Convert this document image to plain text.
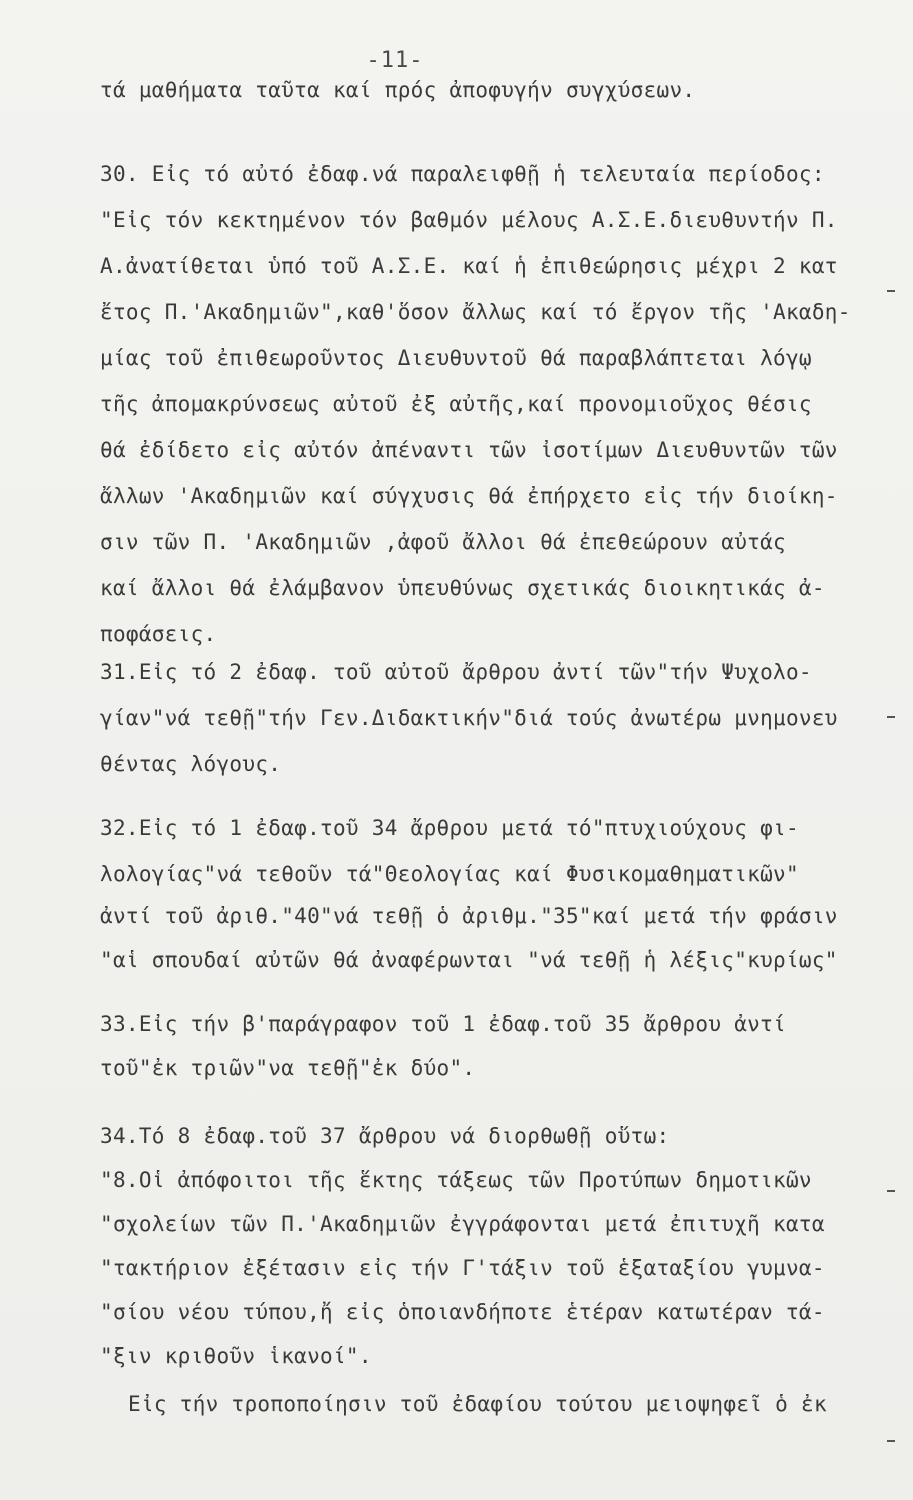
-11-
τά μαθήματα ταῦτα καί πρός ἀποφυγήν συγχύσεων.
30. Εἰς τό αὐτό ἐδαφ.νά παραλειφθῇ ἡ τελευταία περίοδος:
"Εἰς τόν κεκτημένον τόν βαθμόν μέλους Α.Σ.Ε.διευθυντήν Π.
Α.ἀνατίθεται ὑπό τοῦ Α.Σ.Ε. καί ἡ ἐπιθεώρησις μέχρι 2 κατ
ἔτος Π.'Ακαδημιῶν",καθ'ὅσον ἄλλως καί τό ἔργον τῆς 'Ακαδη-
μίας τοῦ ἐπιθεωροῦντος Διευθυντοῦ θά παραβλάπτεται λόγῳ
τῆς ἀπομακρύνσεως αὐτοῦ ἐξ αὐτῆς,καί προνομιοῦχος θέσις
θά ἐδίδετο εἰς αὐτόν ἀπέναντι τῶν ἰσοτίμων Διευθυντῶν τῶν
ἄλλων 'Ακαδημιῶν καί σύγχυσις θά ἐπήρχετο εἰς τήν διοίκη-
σιν τῶν Π. 'Ακαδημιῶν ,ἀφοῦ ἄλλοι θά ἐπεθεώρουν αὐτάς
καί ἄλλοι θά ἐλάμβανον ὑπευθύνως σχετικάς διοικητικάς ἀ-
ποφάσεις.
31.Εἰς τό 2 ἐδαφ. τοῦ αὐτοῦ ἄρθρου ἀντί τῶν"τήν Ψυχολο-
γίαν"νά τεθῇ"τήν Γεν.Διδακτικήν"διά τούς ἀνωτέρω μνημονευ
θέντας λόγους.
32.Εἰς τό 1 ἐδαφ.τοῦ 34 ἄρθρου μετά τό"πτυχιούχους φι-
λολογίας"νά τεθοῦν τά"Θεολογίας καί Φυσικομαθηματικῶν"
ἀντί τοῦ ἀριθ."40"νά τεθῇ ὁ ἀριθμ."35"καί μετά τήν φράσιν
"αἱ σπουδαί αὐτῶν θά ἀναφέρωνται "νά τεθῇ ἡ λέξις"κυρίως"
33.Εἰς τήν β'παράγραφον τοῦ 1 ἐδαφ.τοῦ 35 ἄρθρου ἀντί
τοῦ"ἐκ τριῶν"να τεθῇ"ἐκ δύο".
34.Τό 8 ἐδαφ.τοῦ 37 ἄρθρου νά διορθωθῇ οὕτω:
"8.Οἱ ἀπόφοιτοι τῆς ἕκτης τάξεως τῶν Προτύπων δημοτικῶν
"σχολείων τῶν Π.'Ακαδημιῶν ἐγγράφονται μετά ἐπιτυχῆ κατα
"τακτήριον ἐξέτασιν εἰς τήν Γ'τάξιν τοῦ ἑξαταξίου γυμνα-
"σίου νέου τύπου,ἤ εἰς ὁποιανδήποτε ἑτέραν κατωτέραν τά-
"ξιν κριθοῦν ἱκανοί".
Εἰς τήν τροποποίησιν τοῦ ἐδαφίου τούτου μειοψηφεῖ ὁ ἐκ
